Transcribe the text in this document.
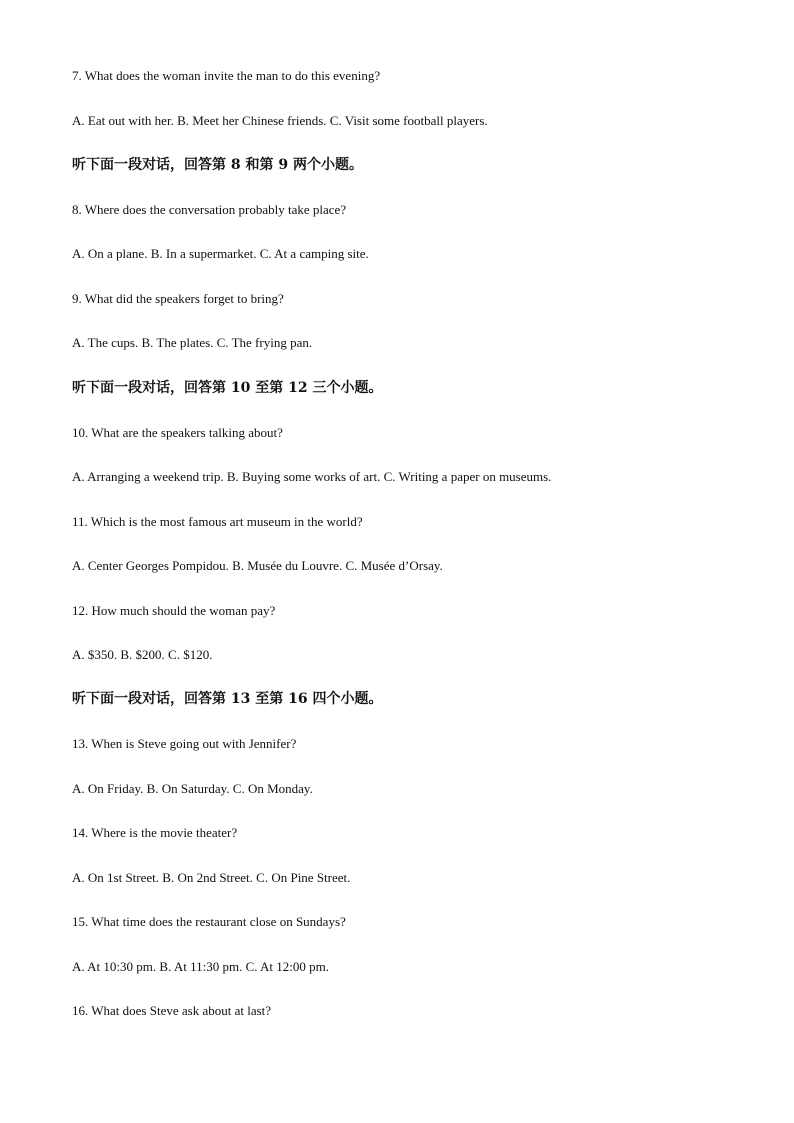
7. What does the woman invite the man to do this evening?
A. Eat out with her. B. Meet her Chinese friends. C. Visit some football players.
听下面一段对话，回答第 8 和第 9 两个小题。
8. Where does the conversation probably take place?
A. On a plane. B. In a supermarket. C. At a camping site.
9. What did the speakers forget to bring?
A. The cups. B. The plates. C. The frying pan.
听下面一段对话，回答第 10 至第 12 三个小题。
10. What are the speakers talking about?
A. Arranging a weekend trip. B. Buying some works of art. C. Writing a paper on museums.
11. Which is the most famous art museum in the world?
A. Center Georges Pompidou. B. Musée du Louvre. C. Musée d’Orsay.
12. How much should the woman pay?
A. $350. B. $200. C. $120.
听下面一段对话，回答第 13 至第 16 四个小题。
13. When is Steve going out with Jennifer?
A. On Friday. B. On Saturday. C. On Monday.
14. Where is the movie theater?
A. On 1st Street. B. On 2nd Street. C. On Pine Street.
15. What time does the restaurant close on Sundays?
A. At 10:30 pm. B. At 11:30 pm. C. At 12:00 pm.
16. What does Steve ask about at last?
